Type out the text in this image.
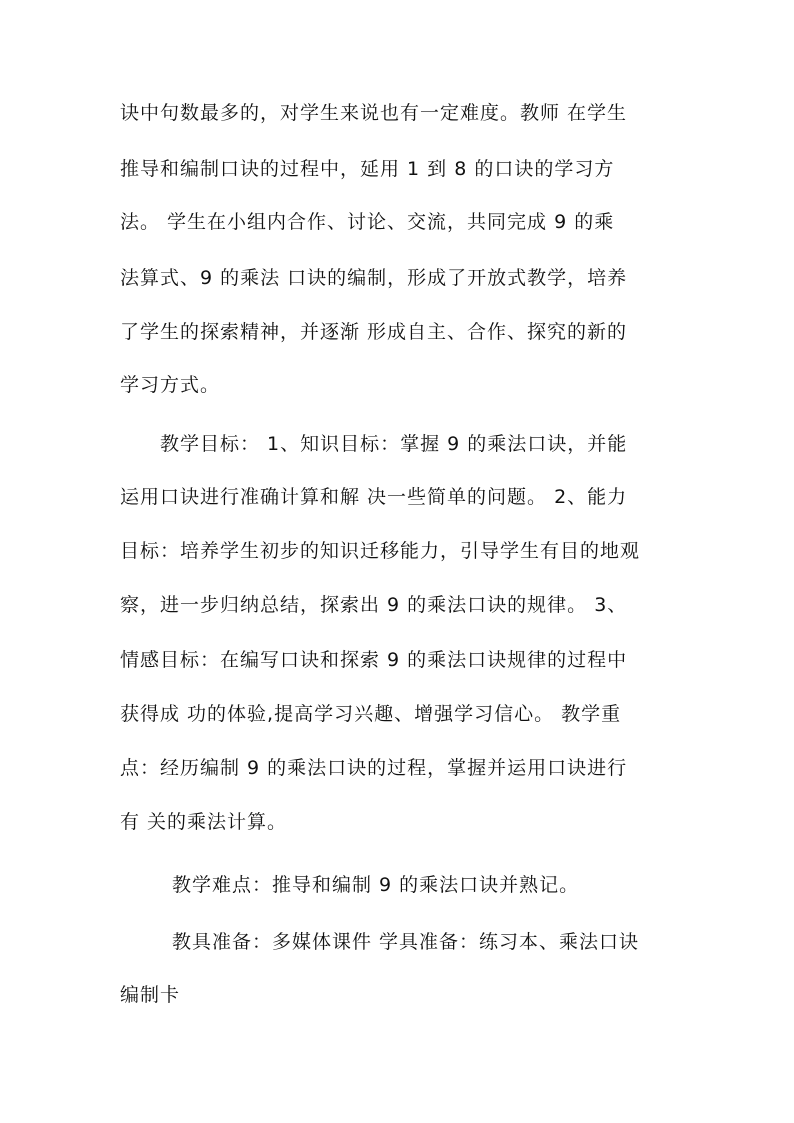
诀中句数最多的，对学生来说也有一定难度。教师 在学生
推导和编制口诀的过程中，延用 1 到 8 的口诀的学习方
法。 学生在小组内合作、讨论、交流，共同完成 9 的乘
法算式、9 的乘法 口诀的编制，形成了开放式教学，培养
了学生的探索精神，并逐渐 形成自主、合作、探究的新的
学习方式。
教学目标： 1、知识目标：掌握 9 的乘法口诀，并能
运用口诀进行准确计算和解 决一些简单的问题。 2、能力
目标：培养学生初步的知识迁移能力，引导学生有目的地观
察，进一步归纳总结，探索出 9 的乘法口诀的规律。 3、
情感目标：在编写口诀和探索 9 的乘法口诀规律的过程中
获得成 功的体验,提高学习兴趣、增强学习信心。 教学重
点：经历编制 9 的乘法口诀的过程，掌握并运用口诀进行
有 关的乘法计算。
教学难点：推导和编制 9 的乘法口诀并熟记。
教具准备：多媒体课件 学具准备：练习本、乘法口诀
编制卡
